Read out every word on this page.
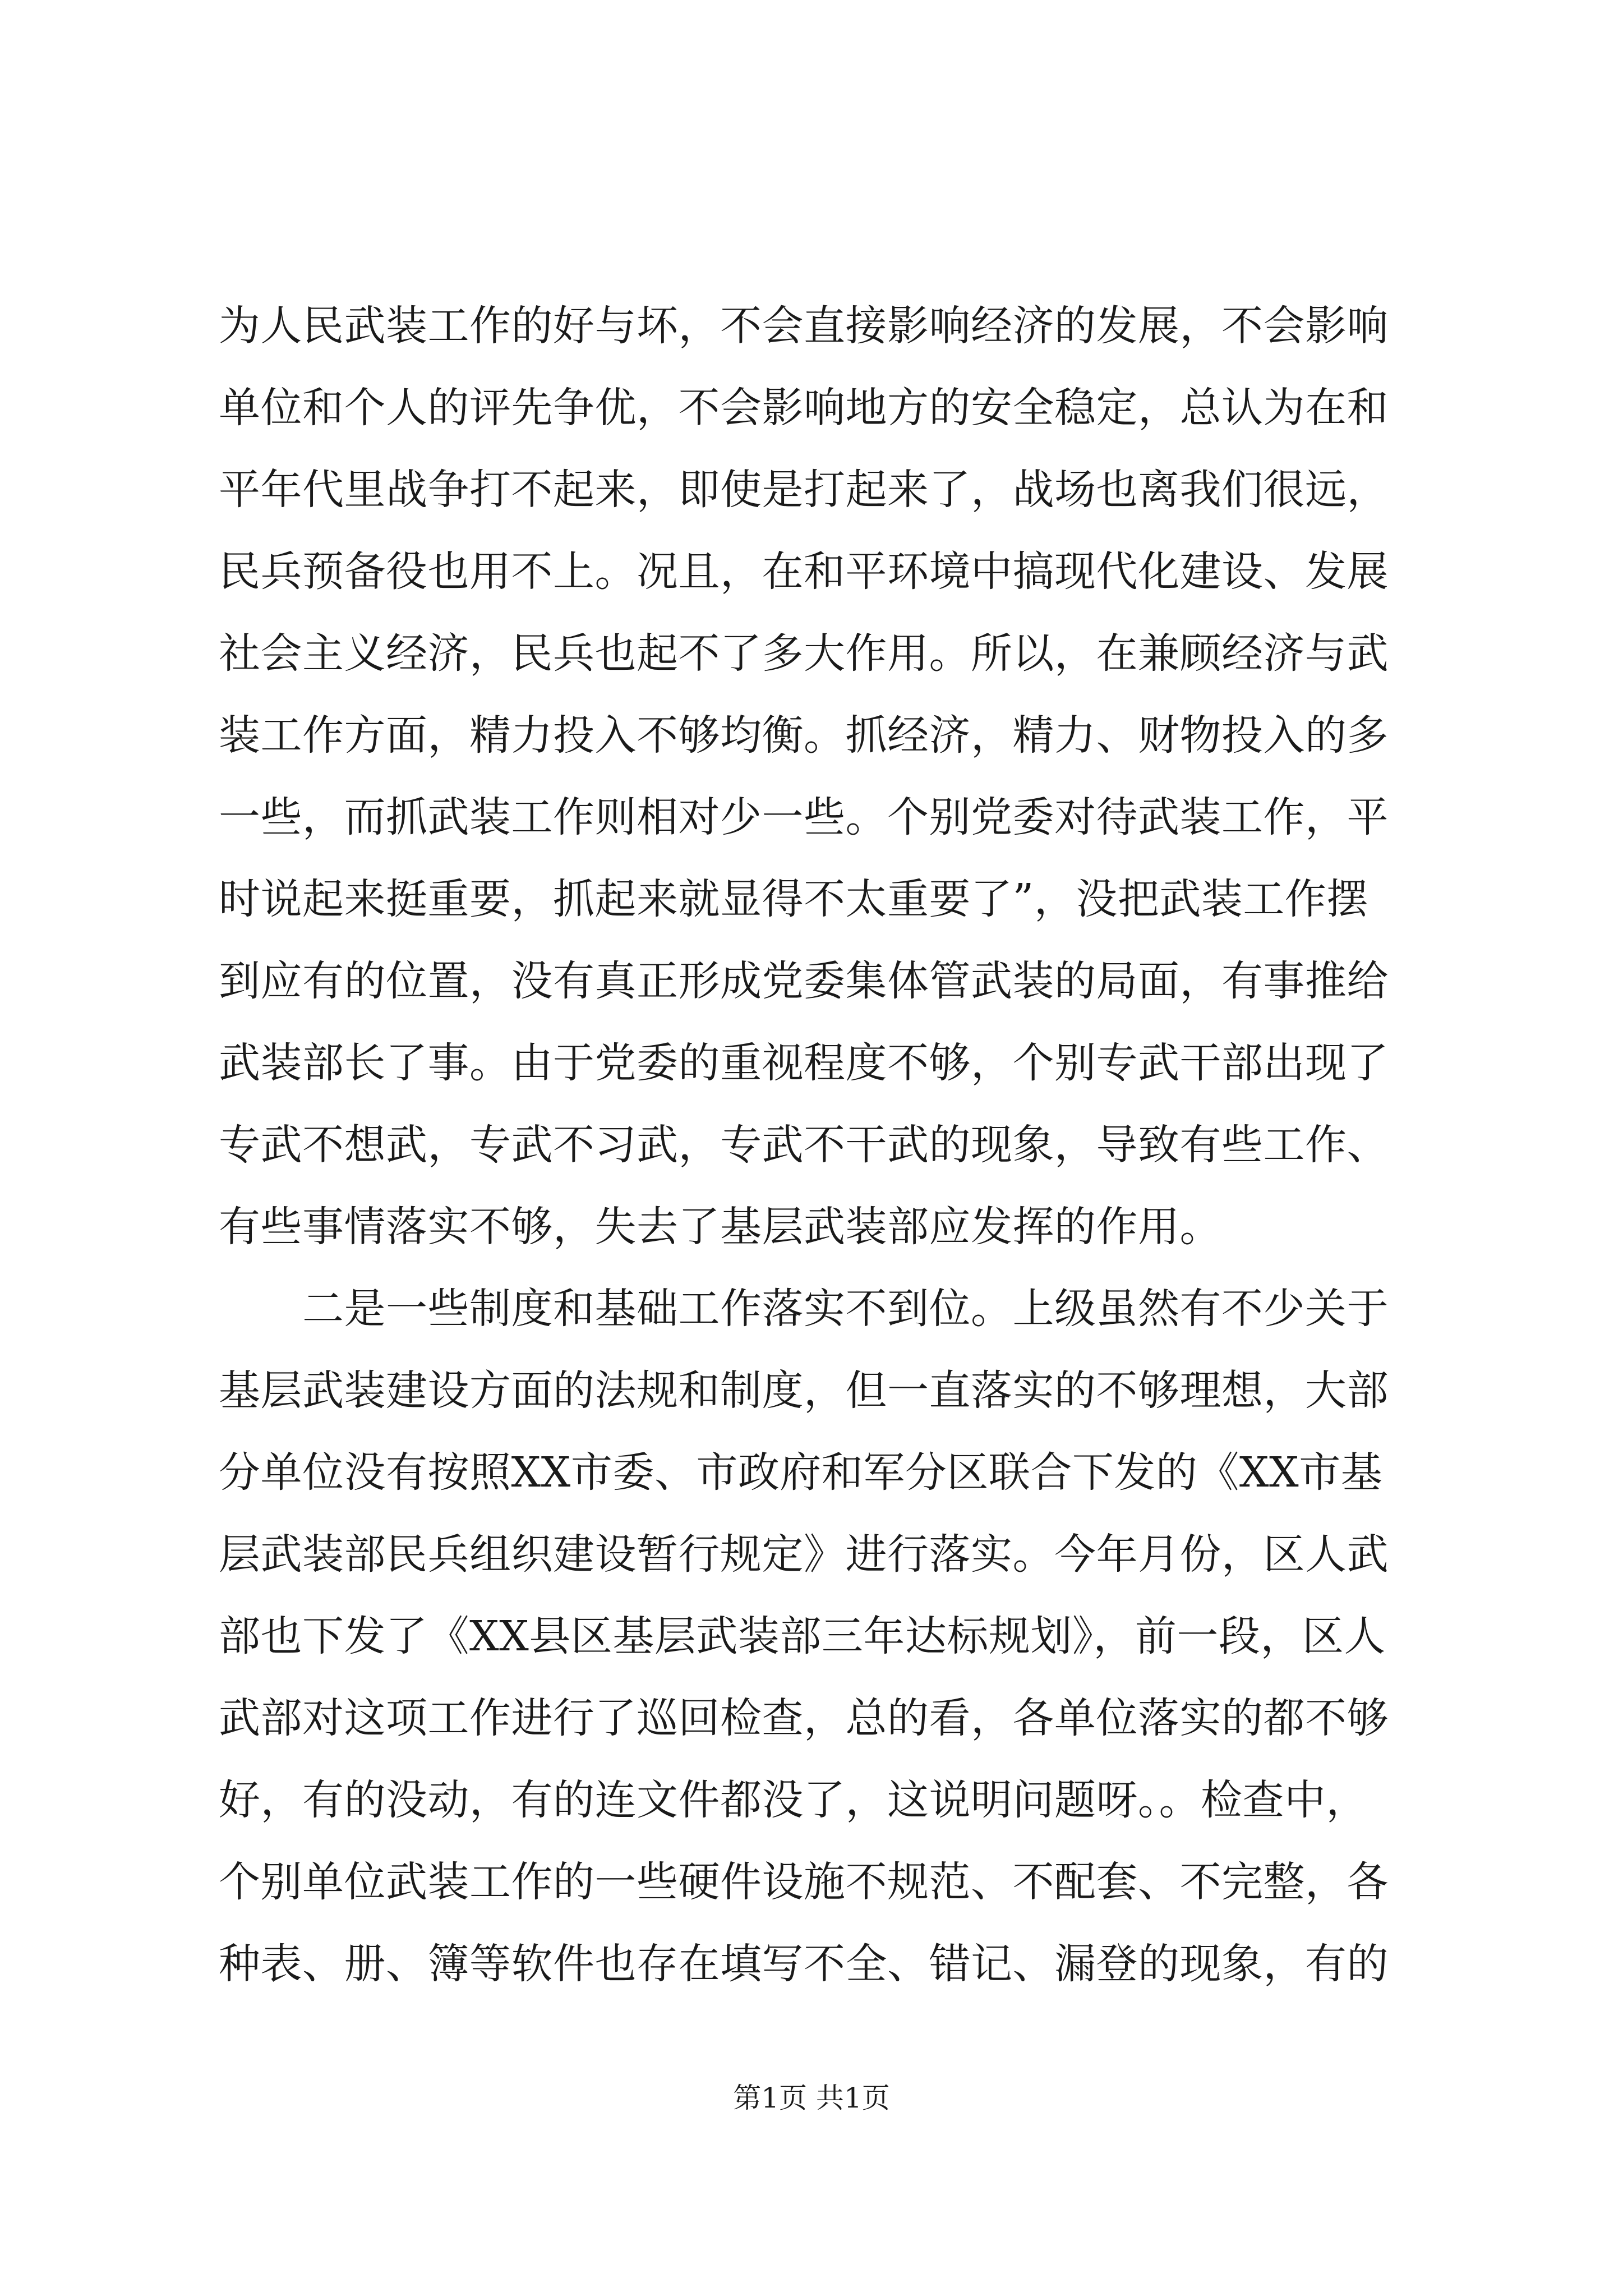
为人民武装工作的好与坏，不会直接影响经济的发展，不会影响
单位和个人的评先争优，不会影响地方的安全稳定，总认为在和
平年代里战争打不起来，即使是打起来了，战场也离我们很远，
民兵预备役也用不上。况且，在和平环境中搞现代化建设、发展
社会主义经济，民兵也起不了多大作用。所以，在兼顾经济与武
装工作方面，精力投入不够均衡。抓经济，精力、财物投入的多
一些，而抓武装工作则相对少一些。个别党委对待武装工作，平
时说起来挺重要，抓起来就显得不太重要了”，没把武装工作摆
到应有的位置，没有真正形成党委集体管武装的局面，有事推给
武装部长了事。由于党委的重视程度不够，个别专武干部出现了
专武不想武，专武不习武，专武不干武的现象，导致有些工作、
有些事情落实不够，失去了基层武装部应发挥的作用。
　　二是一些制度和基础工作落实不到位。上级虽然有不少关于
基层武装建设方面的法规和制度，但一直落实的不够理想，大部
分单位没有按照XX市委、市政府和军分区联合下发的《XX市基
层武装部民兵组织建设暂行规定》进行落实。今年月份，区人武
部也下发了《XX县区基层武装部三年达标规划》，前一段，区人
武部对这项工作进行了巡回检查，总的看，各单位落实的都不够
好，有的没动，有的连文件都没了，这说明问题呀。。检查中，
个别单位武装工作的一些硬件设施不规范、不配套、不完整，各
种表、册、簿等软件也存在填写不全、错记、漏登的现象，有的
第1页 共1页
